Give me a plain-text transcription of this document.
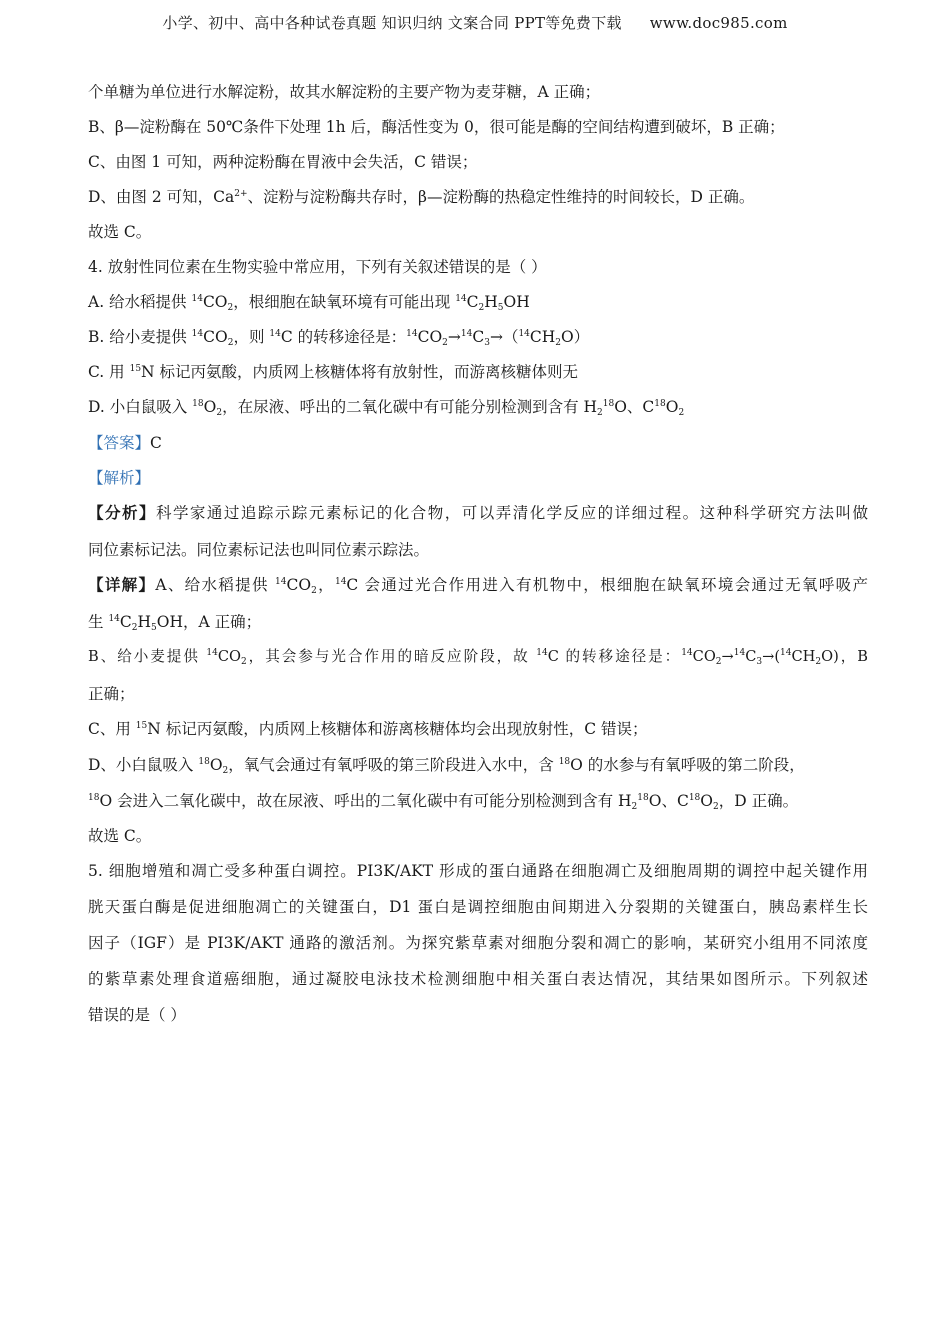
小学、初中、高中各种试卷真题 知识归纳 文案合同 PPT等免费下载 www.doc985.com
个单糖为单位进行水解淀粉，故其水解淀粉的主要产物为麦芽糖，A 正确；
B、β—淀粉酶在 50℃条件下处理 1h 后，酶活性变为 0，很可能是酶的空间结构遭到破坏，B 正确；
C、由图 1 可知，两种淀粉酶在胃液中会失活，C 错误；
D、由图 2 可知，$Ca^{2+}$、淀粉与淀粉酶共存时，β—淀粉酶的热稳定性维持的时间较长，D 正确。
故选 C。
4. 放射性同位素在生物实验中常应用，下列有关叙述错误的是（ ）
A. 给水稻提供 $^{14}CO_2$，根细胞在缺氧环境有可能出现 $^{14}C_2H_5OH$
B. 给小麦提供 $^{14}CO_2$，则 $^{14}$C 的转移途径是：$^{14}CO_2\to^{14}C_3\to(^{14}CH_2O)$
C. 用 $^{15}$N 标记丙氨酸，内质网上核糖体将有放射性，而游离核糖体则无
D. 小白鼠吸入 $^{18}O_2$，在尿液、呼出的二氧化碳中有可能分别检测到含有 $H_2^{18}O$、$C^{18}O_2$
【答案】C
【解析】
【分析】科学家通过追踪示踪元素标记的化合物，可以弄清化学反应的详细过程。这种科学研究方法叫做
同位素标记法。同位素标记法也叫同位素示踪法。
【详解】A、给水稻提供 $^{14}CO_2$，$^{14}$C 会通过光合作用进入有机物中，根细胞在缺氧环境会通过无氧呼吸产
生 $^{14}C_2H_5OH$，A 正确；
B、给小麦提供 $^{14}CO_2$，其会参与光合作用的暗反应阶段，故 $^{14}$C 的转移途径是：$^{14}CO_2\to^{14}C_3\to(^{14}CH_2O)$，B
正确；
C、用 $^{15}$N 标记丙氨酸，内质网上核糖体和游离核糖体均会出现放射性，C 错误；
D、小白鼠吸入 $^{18}O_2$，氧气会通过有氧呼吸的第三阶段进入水中，含 $^{18}$O 的水参与有氧呼吸的第二阶段，
$^{18}$O 会进入二氧化碳中，故在尿液、呼出的二氧化碳中有可能分别检测到含有 $H_2^{18}O$、$C^{18}O_2$，D 正确。
故选 C。
5. 细胞增殖和凋亡受多种蛋白调控。PI3K/AKT 形成的蛋白通路在细胞凋亡及细胞周期的调控中起关键作用
胱天蛋白酶是促进细胞凋亡的关键蛋白，D1 蛋白是调控细胞由间期进入分裂期的关键蛋白，胰岛素样生长
因子（IGF）是 PI3K/AKT 通路的激活剂。为探究紫草素对细胞分裂和凋亡的影响，某研究小组用不同浓度
的紫草素处理食道癌细胞，通过凝胶电泳技术检测细胞中相关蛋白表达情况，其结果如图所示。下列叙述
错误的是（ ）
